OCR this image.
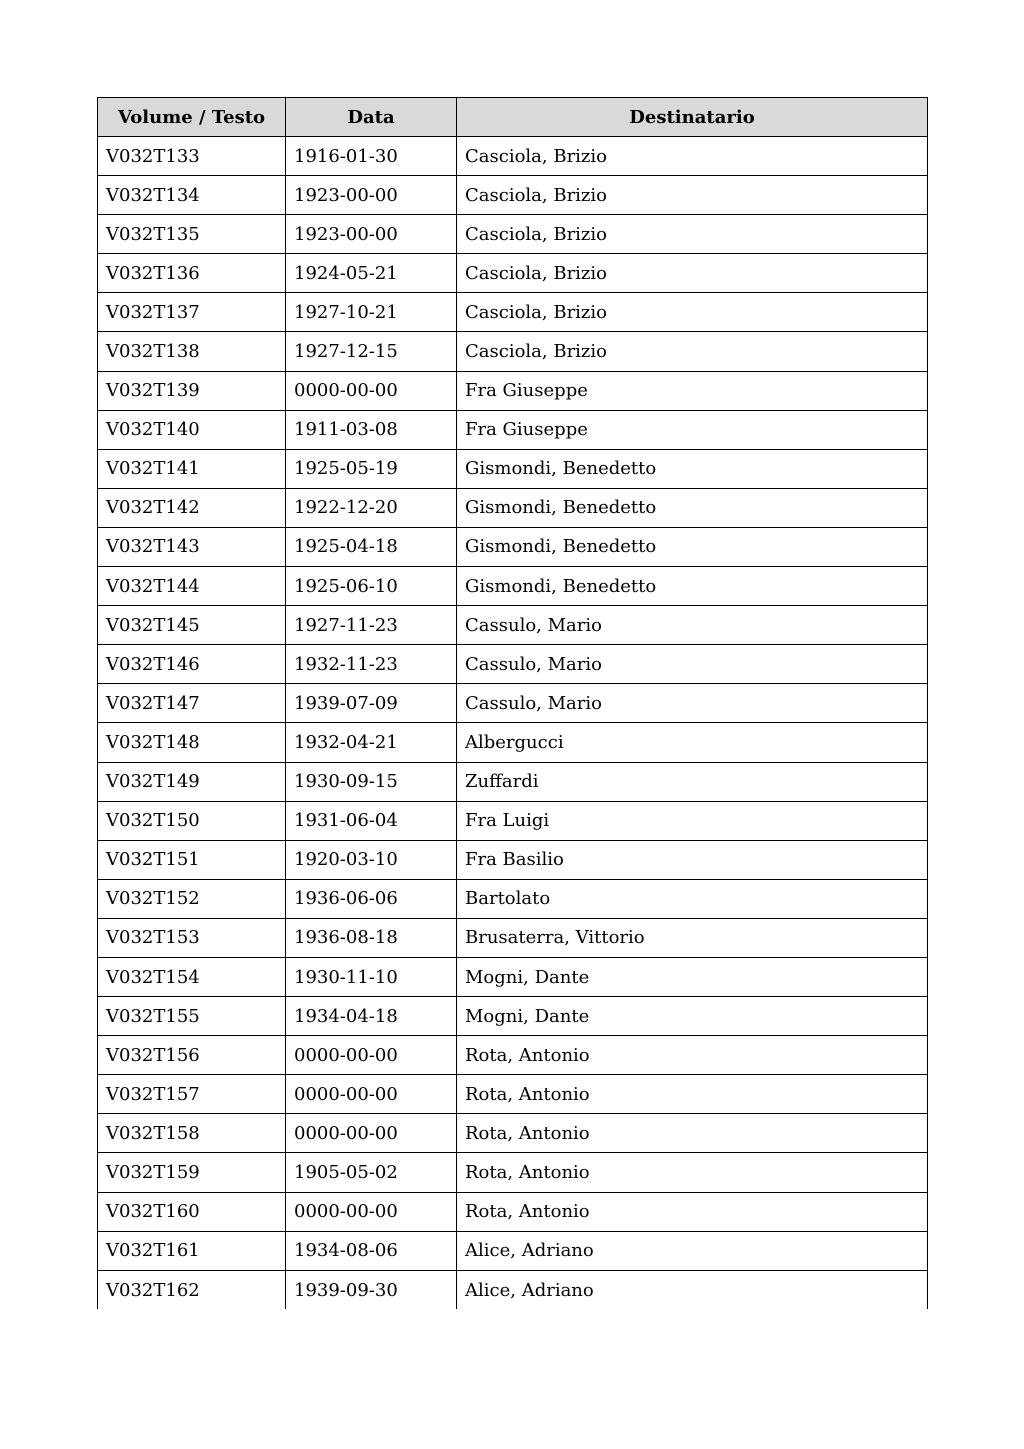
Volume / Testo	Data	Destinatario
V032T133	1916-01-30	Casciola, Brizio
V032T134	1923-00-00	Casciola, Brizio
V032T135	1923-00-00	Casciola, Brizio
V032T136	1924-05-21	Casciola, Brizio
V032T137	1927-10-21	Casciola, Brizio
V032T138	1927-12-15	Casciola, Brizio
V032T139	0000-00-00	Fra Giuseppe
V032T140	1911-03-08	Fra Giuseppe
V032T141	1925-05-19	Gismondi, Benedetto
V032T142	1922-12-20	Gismondi, Benedetto
V032T143	1925-04-18	Gismondi, Benedetto
V032T144	1925-06-10	Gismondi, Benedetto
V032T145	1927-11-23	Cassulo, Mario
V032T146	1932-11-23	Cassulo, Mario
V032T147	1939-07-09	Cassulo, Mario
V032T148	1932-04-21	Albergucci
V032T149	1930-09-15	Zuffardi
V032T150	1931-06-04	Fra Luigi
V032T151	1920-03-10	Fra Basilio
V032T152	1936-06-06	Bartolato
V032T153	1936-08-18	Brusaterra, Vittorio
V032T154	1930-11-10	Mogni, Dante
V032T155	1934-04-18	Mogni, Dante
V032T156	0000-00-00	Rota, Antonio
V032T157	0000-00-00	Rota, Antonio
V032T158	0000-00-00	Rota, Antonio
V032T159	1905-05-02	Rota, Antonio
V032T160	0000-00-00	Rota, Antonio
V032T161	1934-08-06	Alice, Adriano
V032T162	1939-09-30	Alice, Adriano
